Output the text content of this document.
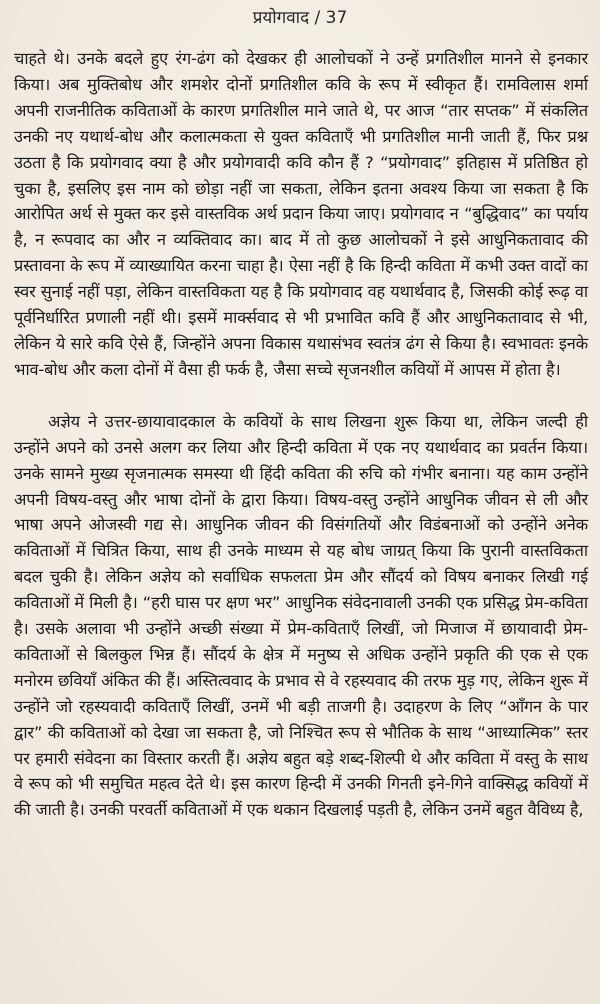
प्रयोगवाद / 37

चाहते थे। उनके बदले हुए रंग-ढंग को देखकर ही आलोचकों ने उन्हें प्रगतिशील मानने से इनकार किया। अब मुक्तिबोध और शमशेर दोनों प्रगतिशील कवि के रूप में स्वीकृत हैं। रामविलास शर्मा अपनी राजनीतिक कविताओं के कारण प्रगतिशील माने जाते थे, पर आज “तार सप्तक” में संकलित उनकी नए यथार्थ-बोध और कलात्मकता से युक्त कविताएँ भी प्रगतिशील मानी जाती हैं, फिर प्रश्न उठता है कि प्रयोगवाद क्या है और प्रयोगवादी कवि कौन हैं ? “प्रयोगवाद” इतिहास में प्रतिष्ठित हो चुका है, इसलिए इस नाम को छोड़ा नहीं जा सकता, लेकिन इतना अवश्य किया जा सकता है कि आरोपित अर्थ से मुक्त कर इसे वास्तविक अर्थ प्रदान किया जाए। प्रयोगवाद न “बुद्धिवाद” का पर्याय है, न रूपवाद का और न व्यक्तिवाद का। बाद में तो कुछ आलोचकों ने इसे आधुनिकतावाद की प्रस्तावना के रूप में व्याख्यायित करना चाहा है। ऐसा नहीं है कि हिन्दी कविता में कभी उक्त वादों का स्वर सुनाई नहीं पड़ा, लेकिन वास्तविकता यह है कि प्रयोगवाद वह यथार्थवाद है, जिसकी कोई रूढ़ वा पूर्वनिर्धारित प्रणाली नहीं थी। इसमें मार्क्सवाद से भी प्रभावित कवि हैं और आधुनिकतावाद से भी, लेकिन ये सारे कवि ऐसे हैं, जिन्होंने अपना विकास यथासंभव स्वतंत्र ढंग से किया है। स्वभावतः इनके भाव-बोध और कला दोनों में वैसा ही फर्क है, जैसा सच्चे सृजनशील कवियों में आपस में होता है।

अज्ञेय ने उत्तर-छायावादकाल के कवियों के साथ लिखना शुरू किया था, लेकिन जल्दी ही उन्होंने अपने को उनसे अलग कर लिया और हिन्दी कविता में एक नए यथार्थवाद का प्रवर्तन किया। उनके सामने मुख्य सृजनात्मक समस्या थी हिंदी कविता की रुचि को गंभीर बनाना। यह काम उन्होंने अपनी विषय-वस्तु और भाषा दोनों के द्वारा किया। विषय-वस्तु उन्होंने आधुनिक जीवन से ली और भाषा अपने ओजस्वी गद्य से। आधुनिक जीवन की विसंगतियों और विडंबनाओं को उन्होंने अनेक कविताओं में चित्रित किया, साथ ही उनके माध्यम से यह बोध जाग्रत् किया कि पुरानी वास्तविकता बदल चुकी है। लेकिन अज्ञेय को सर्वाधिक सफलता प्रेम और सौंदर्य को विषय बनाकर लिखी गई कविताओं में मिली है। “हरी घास पर क्षण भर” आधुनिक संवेदनावाली उनकी एक प्रसिद्ध प्रेम-कविता है। उसके अलावा भी उन्होंने अच्छी संख्या में प्रेम-कविताएँ लिखीं, जो मिजाज में छायावादी प्रेम-कविताओं से बिलकुल भिन्न हैं। सौंदर्य के क्षेत्र में मनुष्य से अधिक उन्होंने प्रकृति की एक से एक मनोरम छवियाँ अंकित की हैं। अस्तित्ववाद के प्रभाव से वे रहस्यवाद की तरफ मुड़ गए, लेकिन शुरू में उन्होंने जो रहस्यवादी कविताएँ लिखीं, उनमें भी बड़ी ताजगी है। उदाहरण के लिए “आँगन के पार द्वार” की कविताओं को देखा जा सकता है, जो निश्चित रूप से भौतिक के साथ “आध्यात्मिक” स्तर पर हमारी संवेदना का विस्तार करती हैं। अज्ञेय बहुत बड़े शब्द-शिल्पी थे और कविता में वस्तु के साथ वे रूप को भी समुचित महत्व देते थे। इस कारण हिन्दी में उनकी गिनती इने-गिने वाक्सिद्ध कवियों में की जाती है। उनकी परवर्ती कविताओं में एक थकान दिखलाई पड़ती है, लेकिन उनमें बहुत वैविध्य है,
